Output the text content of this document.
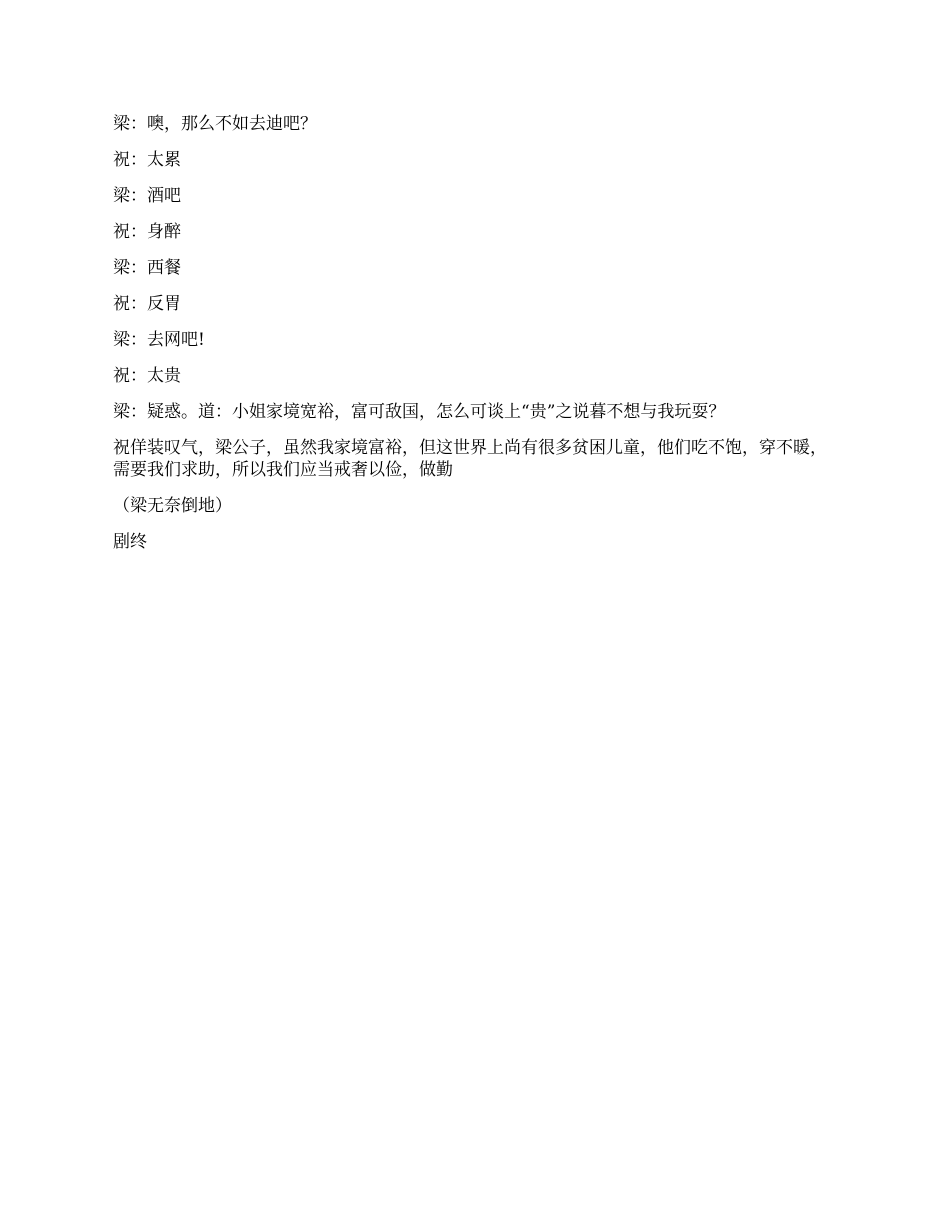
梁：噢，那么不如去迪吧？

祝：太累

梁：酒吧

祝：身醉

梁：西餐

祝：反胃

梁：去网吧!

祝：太贵

梁：疑惑。道：小姐家境宽裕，富可敌国，怎么可谈上“贵”之说暮不想与我玩耍？

祝佯装叹气，梁公子，虽然我家境富裕，但这世界上尚有很多贫困儿童，他们吃不饱，穿不暖，需要我们求助，所以我们应当戒奢以俭，做勤

（梁无奈倒地）

剧终
